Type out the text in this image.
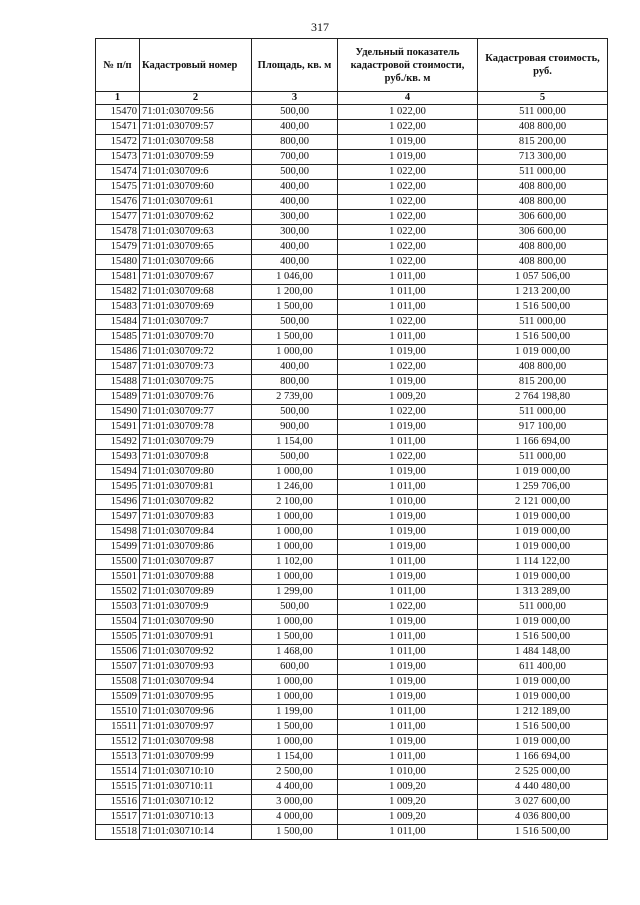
317
№ п/п	Кадастровый номер	Площадь, кв. м	Удельный показатель кадастровой стоимости, руб./кв. м	Кадастровая стоимость, руб.
1	2	3	4	5
15470	71:01:030709:56	500,00	1 022,00	511 000,00
15471	71:01:030709:57	400,00	1 022,00	408 800,00
15472	71:01:030709:58	800,00	1 019,00	815 200,00
15473	71:01:030709:59	700,00	1 019,00	713 300,00
15474	71:01:030709:6	500,00	1 022,00	511 000,00
15475	71:01:030709:60	400,00	1 022,00	408 800,00
15476	71:01:030709:61	400,00	1 022,00	408 800,00
15477	71:01:030709:62	300,00	1 022,00	306 600,00
15478	71:01:030709:63	300,00	1 022,00	306 600,00
15479	71:01:030709:65	400,00	1 022,00	408 800,00
15480	71:01:030709:66	400,00	1 022,00	408 800,00
15481	71:01:030709:67	1 046,00	1 011,00	1 057 506,00
15482	71:01:030709:68	1 200,00	1 011,00	1 213 200,00
15483	71:01:030709:69	1 500,00	1 011,00	1 516 500,00
15484	71:01:030709:7	500,00	1 022,00	511 000,00
15485	71:01:030709:70	1 500,00	1 011,00	1 516 500,00
15486	71:01:030709:72	1 000,00	1 019,00	1 019 000,00
15487	71:01:030709:73	400,00	1 022,00	408 800,00
15488	71:01:030709:75	800,00	1 019,00	815 200,00
15489	71:01:030709:76	2 739,00	1 009,20	2 764 198,80
15490	71:01:030709:77	500,00	1 022,00	511 000,00
15491	71:01:030709:78	900,00	1 019,00	917 100,00
15492	71:01:030709:79	1 154,00	1 011,00	1 166 694,00
15493	71:01:030709:8	500,00	1 022,00	511 000,00
15494	71:01:030709:80	1 000,00	1 019,00	1 019 000,00
15495	71:01:030709:81	1 246,00	1 011,00	1 259 706,00
15496	71:01:030709:82	2 100,00	1 010,00	2 121 000,00
15497	71:01:030709:83	1 000,00	1 019,00	1 019 000,00
15498	71:01:030709:84	1 000,00	1 019,00	1 019 000,00
15499	71:01:030709:86	1 000,00	1 019,00	1 019 000,00
15500	71:01:030709:87	1 102,00	1 011,00	1 114 122,00
15501	71:01:030709:88	1 000,00	1 019,00	1 019 000,00
15502	71:01:030709:89	1 299,00	1 011,00	1 313 289,00
15503	71:01:030709:9	500,00	1 022,00	511 000,00
15504	71:01:030709:90	1 000,00	1 019,00	1 019 000,00
15505	71:01:030709:91	1 500,00	1 011,00	1 516 500,00
15506	71:01:030709:92	1 468,00	1 011,00	1 484 148,00
15507	71:01:030709:93	600,00	1 019,00	611 400,00
15508	71:01:030709:94	1 000,00	1 019,00	1 019 000,00
15509	71:01:030709:95	1 000,00	1 019,00	1 019 000,00
15510	71:01:030709:96	1 199,00	1 011,00	1 212 189,00
15511	71:01:030709:97	1 500,00	1 011,00	1 516 500,00
15512	71:01:030709:98	1 000,00	1 019,00	1 019 000,00
15513	71:01:030709:99	1 154,00	1 011,00	1 166 694,00
15514	71:01:030710:10	2 500,00	1 010,00	2 525 000,00
15515	71:01:030710:11	4 400,00	1 009,20	4 440 480,00
15516	71:01:030710:12	3 000,00	1 009,20	3 027 600,00
15517	71:01:030710:13	4 000,00	1 009,20	4 036 800,00
15518	71:01:030710:14	1 500,00	1 011,00	1 516 500,00
